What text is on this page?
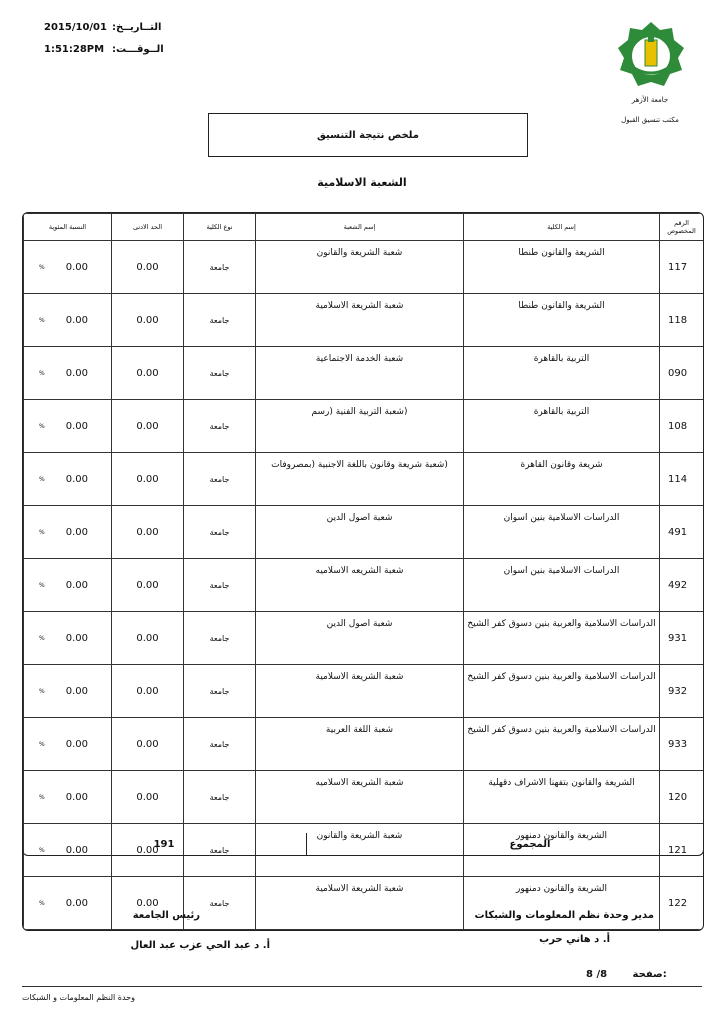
2015/10/01 التــاريــخ:
1:51:28PM الــوقـــت:
جامعة الأزهر
مكتب تنسيق القبول
ملخص نتيجة التنسيق
الشعبة الاسلامية
النسبة المئوية	الحد الادنى	نوع الكلية	إسم الشعبة	إسم الكلية	الرقم المخصوص

% 0.00	0.00	جامعة	شعبة الشريعة والقانون	الشريعة والقانون طنطا	117

% 0.00	0.00	جامعة	شعبة الشريعة الاسلامية	الشريعة والقانون طنطا	118

% 0.00	0.00	جامعة	شعبة الخدمة الاجتماعية	التربية بالقاهرة	090

% 0.00	0.00	جامعة	(شعبة التربية الفنية (رسم	التربية بالقاهرة	108

% 0.00	0.00	جامعة	(شعبة شريعة وقانون باللغة الاجنبية (بمصروفات	شريعة وقانون القاهرة	114

% 0.00	0.00	جامعة	شعبة اصول الدين	الدراسات الاسلامية بنين اسوان	491

% 0.00	0.00	جامعة	شعبة الشريعه الاسلاميه	الدراسات الاسلامية بنين اسوان	492

% 0.00	0.00	جامعة	شعبة اصول الدين	الدراسات الاسلامية والعربية بنين دسوق كفر الشيخ	931

% 0.00	0.00	جامعة	شعبة الشريعة الاسلامية	الدراسات الاسلامية والعربية بنين دسوق كفر الشيخ	932

% 0.00	0.00	جامعة	شعبة اللغة العربية	الدراسات الاسلامية والعربية بنين دسوق كفر الشيخ	933

% 0.00	0.00	جامعة	شعبة الشريعة الاسلاميه	الشريعة والقانون بتفهنا الاشراف دقهلية	120

% 0.00	0.00	جامعة	شعبة الشريعة والقانون	الشريعة والقانون دمنهور	121

% 0.00	0.00	جامعة	شعبة الشريعة الاسلامية	الشريعة والقانون دمنهور	122
191	المجموع
رئيس الجامعة
أ. د عبد الحي عزب عبد العال
مدير وحدة نظم المعلومات والشبكات
أ. د هاني حرب
8 /8	صفحة:
وحدة النظم المعلومات و الشبكات
